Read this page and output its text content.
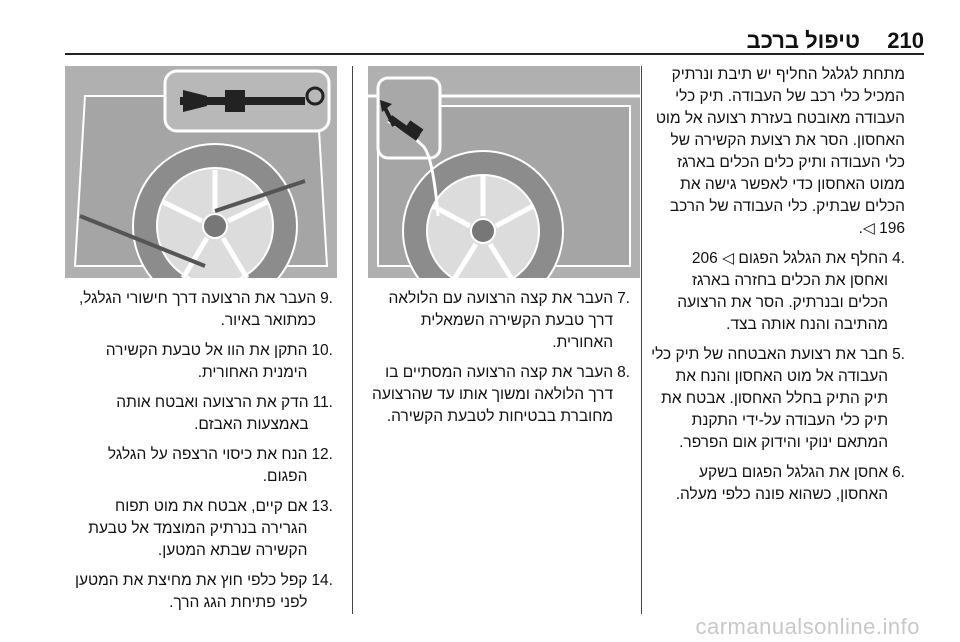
210
טיפול ברכב
מתחת לגלגל החליף יש תיבת ונרתיק המכיל כלי רכב של העבודה. תיק כלי העבודה מאובטח בעזרת רצועה אל מוט האחסון. הסר את רצועת הקשירה של כלי העבודה ותיק כלים הכלים בארגז ממוט האחסון כדי לאפשר גישה את הכלים שבתיק. כלי העבודה של הרכב ‎196 ◁.
4.
החלף את הגלגל הפגום ◁ 206 ואחסן את הכלים בחזרה בארגז הכלים ובנרתיק. הסר את הרצועה מהתיבה והנח אותה בצד.
5.
חבר את רצועת האבטחה של תיק כלי העבודה אל מוט האחסון והנח את תיק התיק בחלל האחסון. אבטח את תיק כלי העבודה על-ידי התקנת המתאם ינוקי והידוק אום הפרפר.
6.
אחסן את הגלגל הפגום בשקע האחסון, כשהוא פונה כלפי מעלה.
7.
העבר את קצה הרצועה עם הלולאה דרך טבעת הקשירה השמאלית האחורית.
8.
העבר את קצה הרצועה המסתיים בו דרך הלולאה ומשוך אותו עד שהרצועה מחוברת בבטיחות לטבעת הקשירה.
9.
העבר את הרצועה דרך חישורי הגלגל, כמתואר באיור.
10.
התקן את הוו אל טבעת הקשירה הימנית האחורית.
11.
הדק את הרצועה ואבטח אותה באמצעות האבזם.
12.
הנח את כיסוי הרצפה על הגלגל הפגום.
13.
אם קיים, אבטח את מוט תפוח הגרירה בנרתיק המוצמד אל טבעת הקשירה שבתא המטען.
14.
קפל כלפי חוץ את מחיצת את המטען לפני פתיחת הגג הרך.
carmanualsonline.info
